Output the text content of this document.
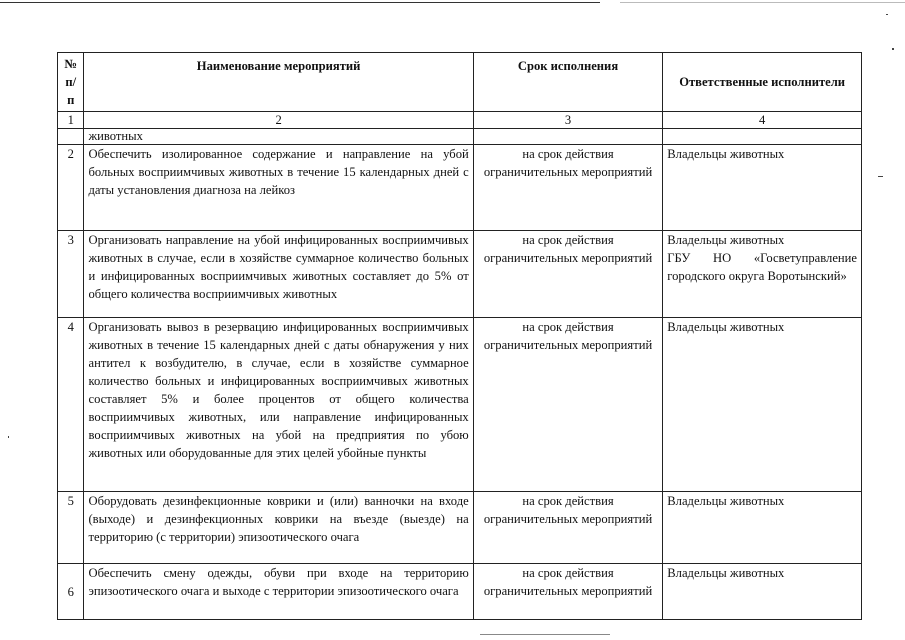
№ п/п	Наименование мероприятий	Срок исполнения	Ответственные исполнители
1	2	3	4
	животных		
2	Обеспечить изолированное содержание и направление на убой больных восприимчивых животных в течение 15 календарных дней с даты установления диагноза на лейкоз	на срок действия ограничительных мероприятий	Владельцы животных

3	Организовать направление на убой инфицированных восприимчивых животных в случае, если в хозяйстве суммарное количество больных и инфицированных восприимчивых животных составляет до 5% от общего количества восприимчивых животных	на срок действия ограничительных мероприятий	Владельцы животных
ГБУ НО «Госветуправление городского округа Воротынский»

4	Организовать вывоз в резервацию инфицированных восприимчивых животных в течение 15 календарных дней с даты обнаружения у них антител к возбудителю, в случае, если в хозяйстве суммарное количество больных и инфицированных восприимчивых животных составляет 5% и более процентов от общего количества восприимчивых животных, или направление инфицированных восприимчивых животных на убой на предприятия по убою животных или оборудованные для этих целей убойные пункты	на срок действия ограничительных мероприятий	Владельцы животных

5	Оборудовать дезинфекционные коврики и (или) ванночки на входе (выходе) и дезинфекционных коврики на въезде (выезде) на территорию (с территории) эпизоотического очага	на срок действия ограничительных мероприятий	Владельцы животных

6	Обеспечить смену одежды, обуви при входе на территорию эпизоотического очага и выходе с территории эпизоотического очага	на срок действия ограничительных мероприятий	Владельцы животных
